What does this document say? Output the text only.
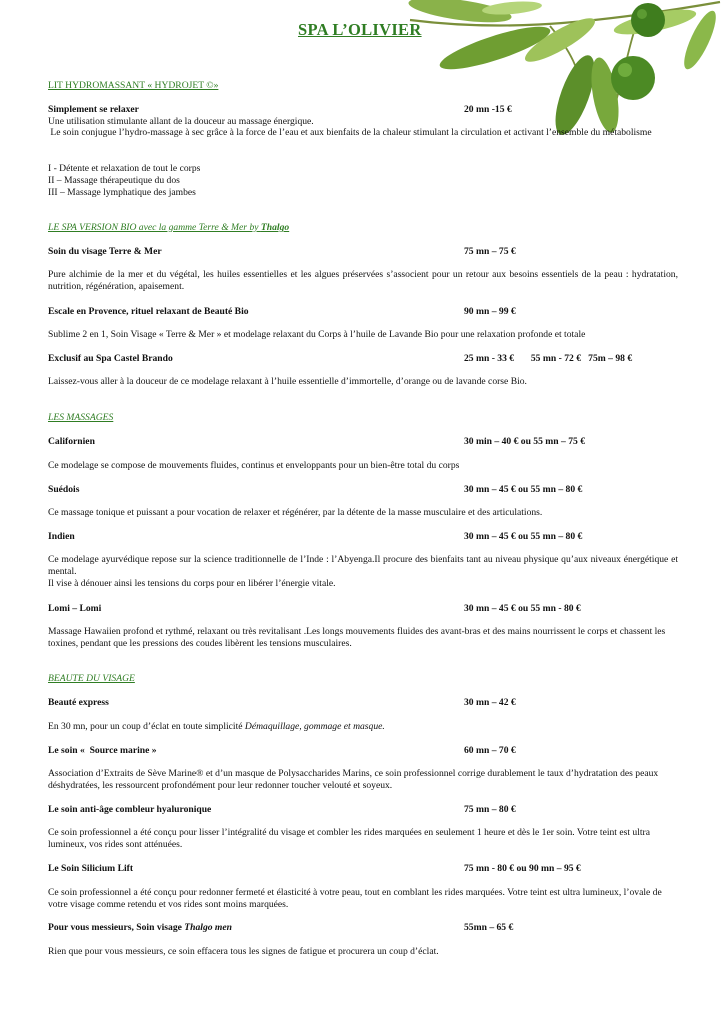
SPA L’OLIVIER
LIT HYDROMASSANT « HYDROJET ©»
Simplement se relaxer	20 mn -15 €
Une utilisation stimulante allant de la douceur au massage énergique.
Le soin conjugue l’hydro-massage à sec grâce à la force de l’eau et aux bienfaits de la chaleur stimulant la circulation et activant l’ensemble du métabolisme
I - Détente et relaxation de tout le corps
II – Massage thérapeutique du dos
III – Massage lymphatique des jambes
LE SPA VERSION BIO avec la gamme Terre & Mer by Thalgo
Soin du visage Terre & Mer	75 mn – 75 €
Pure alchimie de la mer et du végétal, les huiles essentielles et les algues préservées s’associent pour un retour aux besoins essentiels de la peau : hydratation, nutrition, régénération, apaisement.
Escale en Provence, rituel relaxant de Beauté Bio	90 mn – 99 €
Sublime 2 en 1, Soin Visage « Terre & Mer » et modelage relaxant du Corps à l’huile de Lavande Bio pour une relaxation profonde et totale
Exclusif au Spa Castel Brando	25 mn - 33 €       55 mn - 72 €   75m – 98 €
Laissez-vous aller à la douceur de ce modelage relaxant à l’huile essentielle d’immortelle, d’orange ou de lavande corse Bio.
LES MASSAGES
Californien	30 min – 40 € ou 55 mn – 75 €
Ce modelage se compose de mouvements fluides, continus et enveloppants pour un bien-être total du corps
Suédois	30 mn – 45 € ou 55 mn – 80 €
Ce massage tonique et puissant a pour vocation de relaxer et régénérer, par la détente de la masse musculaire et des articulations.
Indien	30 mn – 45 € ou 55 mn – 80 €
Ce modelage ayurvédique repose sur la science traditionnelle de l’Inde : l’Abyenga.Il procure des bienfaits tant au niveau physique qu’aux niveaux énergétique et mental.
Il vise à dénouer ainsi les tensions du corps pour en libérer l’énergie vitale.
Lomi – Lomi	30 mn – 45 € ou 55 mn - 80 €
Massage Hawaiien profond et rythmé, relaxant ou très revitalisant .Les longs mouvements fluides des avant-bras et des mains nourrissent le corps et chassent les toxines, pendant que les pressions des coudes libèrent les tensions musculaires.
BEAUTE DU VISAGE
Beauté express	30 mn – 42 €
En 30 mn, pour un coup d’éclat en toute simplicité Démaquillage, gommage et masque.
Le soin «  Source marine »	60 mn – 70 €
Association d’Extraits de Sève Marine® et d’un masque de Polysaccharides Marins, ce soin professionnel corrige durablement le taux d’hydratation des peaux déshydratées, les ressourcent profondément pour leur redonner toucher velouté et soyeux.
Le soin anti-âge combleur hyaluronique	75 mn – 80 €
Ce soin professionnel a été conçu pour lisser l’intégralité du visage et combler les rides marquées en seulement 1 heure et dès le 1er soin. Votre teint est ultra lumineux, vos rides sont atténuées.
Le Soin Silicium Lift	75 mn - 80 € ou 90 mn – 95 €
Ce soin professionnel a été conçu pour redonner fermeté et élasticité à votre peau, tout en comblant les rides marquées. Votre teint est ultra lumineux, l’ovale de votre visage comme retendu et vos rides sont moins marquées.
Pour vous messieurs, Soin visage Thalgo men	55mn – 65 €
Rien que pour vous messieurs, ce soin effacera tous les signes de fatigue et procurera un coup d’éclat.
